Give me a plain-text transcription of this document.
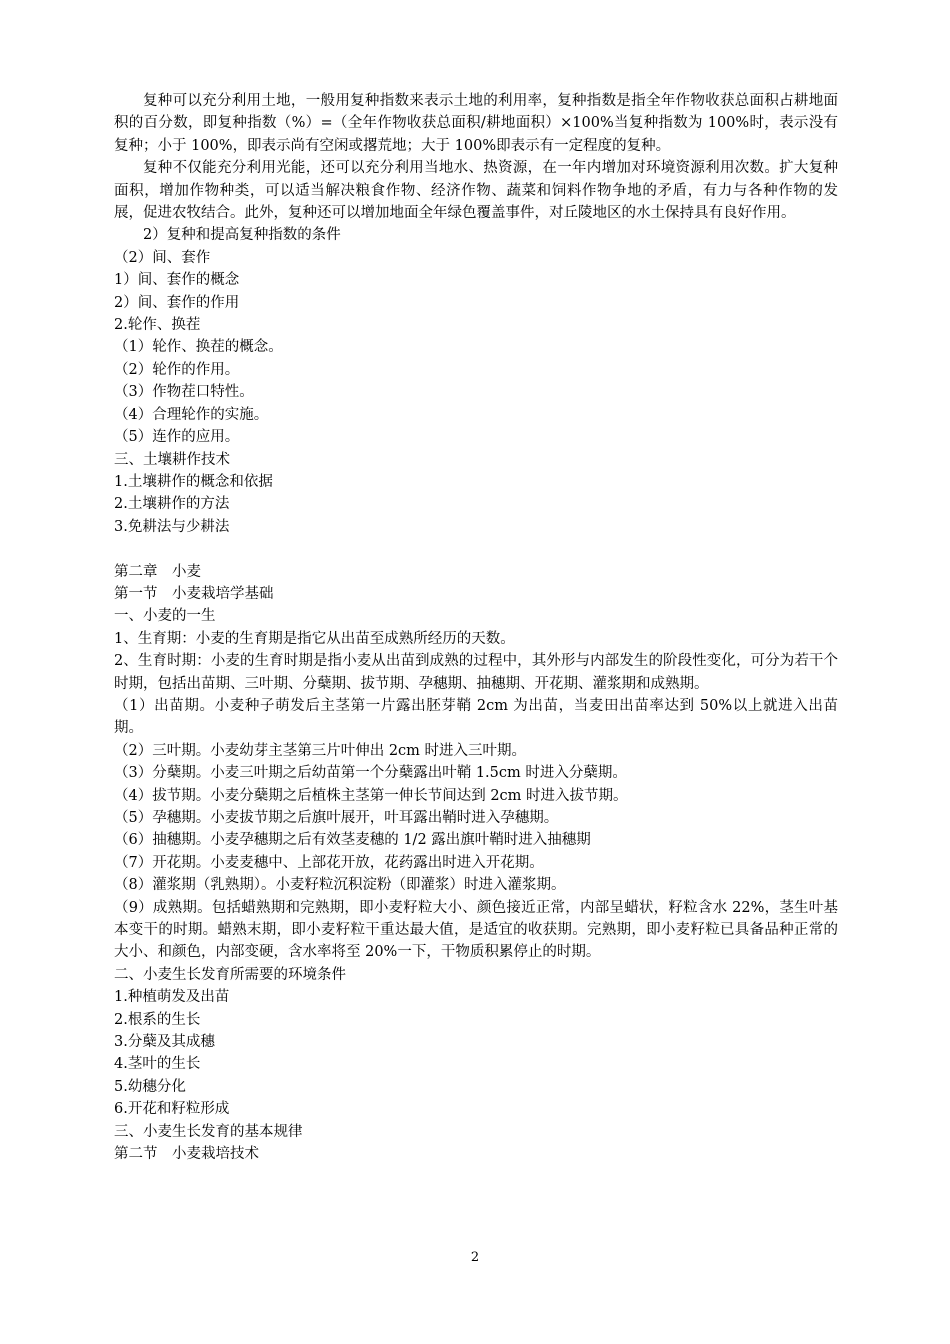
复种可以充分利用土地，一般用复种指数来表示土地的利用率，复种指数是指全年作物收获总面积占耕地面积的百分数，即复种指数（%）=（全年作物收获总面积/耕地面积）×100%当复种指数为 100%时，表示没有复种；小于 100%，即表示尚有空闲或撂荒地；大于 100%即表示有一定程度的复种。

复种不仅能充分利用光能，还可以充分利用当地水、热资源，在一年内增加对环境资源利用次数。扩大复种面积，增加作物种类，可以适当解决粮食作物、经济作物、蔬菜和饲料作物争地的矛盾，有力与各种作物的发展，促进农牧结合。此外，复种还可以增加地面全年绿色覆盖事件，对丘陵地区的水土保持具有良好作用。

2）复种和提高复种指数的条件

（2）间、套作

1）间、套作的概念

2）间、套作的作用

2.轮作、换茬

（1）轮作、换茬的概念。

（2）轮作的作用。

（3）作物茬口特性。

（4）合理轮作的实施。

（5）连作的应用。

三、土壤耕作技术

1.土壤耕作的概念和依据

2.土壤耕作的方法

3.免耕法与少耕法

第二章　小麦

第一节　小麦栽培学基础

一、小麦的一生

1、生育期：小麦的生育期是指它从出苗至成熟所经历的天数。

2、生育时期：小麦的生育时期是指小麦从出苗到成熟的过程中，其外形与内部发生的阶段性变化，可分为若干个时期，包括出苗期、三叶期、分蘖期、拔节期、孕穗期、抽穗期、开花期、灌浆期和成熟期。

（1）出苗期。小麦种子萌发后主茎第一片露出胚芽鞘 2cm 为出苗，当麦田出苗率达到 50%以上就进入出苗期。

（2）三叶期。小麦幼芽主茎第三片叶伸出 2cm 时进入三叶期。

（3）分蘖期。小麦三叶期之后幼苗第一个分蘖露出叶鞘 1.5cm 时进入分蘖期。

（4）拔节期。小麦分蘖期之后植株主茎第一伸长节间达到 2cm 时进入拔节期。

（5）孕穗期。小麦拔节期之后旗叶展开，叶耳露出鞘时进入孕穗期。

（6）抽穗期。小麦孕穗期之后有效茎麦穗的 1/2 露出旗叶鞘时进入抽穗期

（7）开花期。小麦麦穗中、上部花开放，花药露出时进入开花期。

（8）灌浆期（乳熟期）。小麦籽粒沉积淀粉（即灌浆）时进入灌浆期。

（9）成熟期。包括蜡熟期和完熟期，即小麦籽粒大小、颜色接近正常，内部呈蜡状，籽粒含水 22%，茎生叶基本变干的时期。蜡熟末期，即小麦籽粒干重达最大值，是适宜的收获期。完熟期，即小麦籽粒已具备品种正常的大小、和颜色，内部变硬，含水率将至 20%一下，干物质积累停止的时期。

二、小麦生长发育所需要的环境条件

1.种植萌发及出苗

2.根系的生长

3.分蘖及其成穗

4.茎叶的生长

5.幼穗分化

6.开花和籽粒形成

三、小麦生长发育的基本规律

第二节　小麦栽培技术

2
